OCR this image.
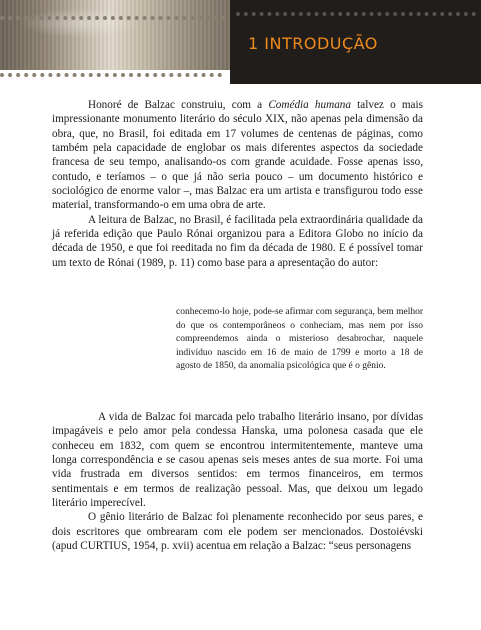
1 INTRODUÇÃO

Honoré de Balzac construiu, com a Comédia humana talvez o mais impressionante monumento literário do século XIX, não apenas pela dimensão da obra, que, no Brasil, foi editada em 17 volumes de centenas de páginas, como também pela capacidade de englobar os mais diferentes aspectos da sociedade francesa de seu tempo, analisando-os com grande acuidade. Fosse apenas isso, contudo, e teríamos – o que já não seria pouco – um documento histórico e sociológico de enorme valor –, mas Balzac era um artista e transfigurou todo esse material, transformando-o em uma obra de arte.

A leitura de Balzac, no Brasil, é facilitada pela extraordinária qualidade da já referida edição que Paulo Rónai organizou para a Editora Globo no início da década de 1950, e que foi reeditada no fim da década de 1980. E é possível tomar um texto de Rónai (1989, p. 11) como base para a apresentação do autor:

conhecemo-lo hoje, pode-se afirmar com segurança, bem melhor do que os contemporâneos o conheciam, mas nem por isso compreendemos ainda o misterioso desabrochar, naquele indivíduo nascido em 16 de maio de 1799 e morto a 18 de agosto de 1850, da anomalia psicológica que é o gênio.

A vida de Balzac foi marcada pelo trabalho literário insano, por dívidas impagáveis e pelo amor pela condessa Hanska, uma polonesa casada que ele conheceu em 1832, com quem se encontrou intermitentemente, manteve uma longa correspondência e se casou apenas seis meses antes de sua morte. Foi uma vida frustrada em diversos sentidos: em termos financeiros, em termos sentimentais e em termos de realização pessoal. Mas, que deixou um legado literário imperecível.

O gênio literário de Balzac foi plenamente reconhecido por seus pares, e dois escritores que ombrearam com ele podem ser mencionados. Dostoiévski (apud CURTIUS, 1954, p. xvii) acentua em relação a Balzac: “seus personagens
